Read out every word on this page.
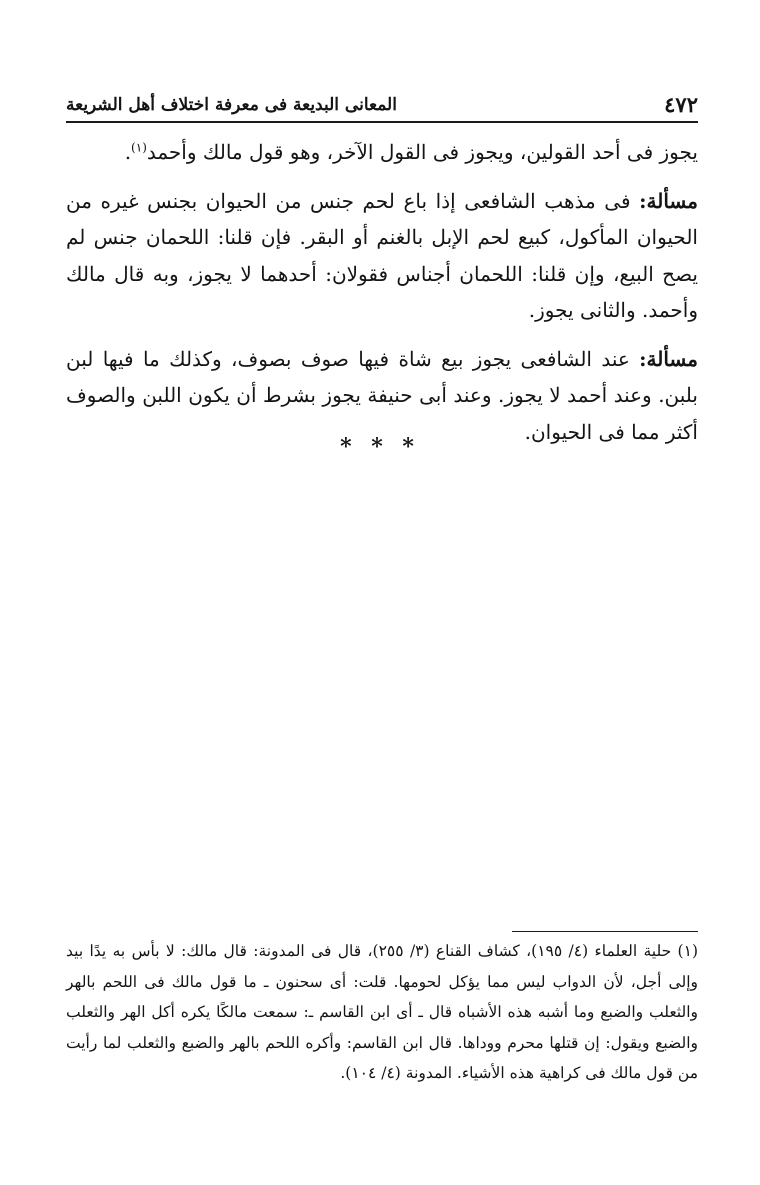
٤٧٢
المعانى البديعة فى معرفة اختلاف أهل الشريعة

يجوز فى أحد القولين، ويجوز فى القول الآخر، وهو قول مالك وأحمد$^{(١)}$.

مسألة: فى مذهب الشافعى إذا باع لحم جنس من الحيوان بجنس غيره من الحيوان المأكول، كبيع لحم الإبل بالغنم أو البقر. فإن قلنا: اللحمان جنس لم يصح البيع، وإن قلنا: اللحمان أجناس فقولان: أحدهما لا يجوز، وبه قال مالك وأحمد. والثانى يجوز.

مسألة: عند الشافعى يجوز بيع شاة فيها صوف بصوف، وكذلك ما فيها لبن بلبن. وعند أحمد لا يجوز. وعند أبى حنيفة يجوز بشرط أن يكون اللبن والصوف أكثر مما فى الحيوان.

* * *

(١) حلية العلماء (٤/ ١٩٥)، كشاف القناع (٣/ ٢٥٥)، قال فى المدونة: قال مالك: لا بأس به يدًا بيد وإلى أجل، لأن الدواب ليس مما يؤكل لحومها. قلت: أى سحنون ـ ما قول مالك فى اللحم بالهر والثعلب والضبع وما أشبه هذه الأشباه قال ـ أى ابن القاسم ـ: سمعت مالكًا يكره أكل الهر والثعلب والضبع ويقول: إن قتلها محرم ووداها. قال ابن القاسم: وأكره اللحم بالهر والضبع والثعلب لما رأيت من قول مالك فى كراهية هذه الأشياء. المدونة (٤/ ١٠٤).
